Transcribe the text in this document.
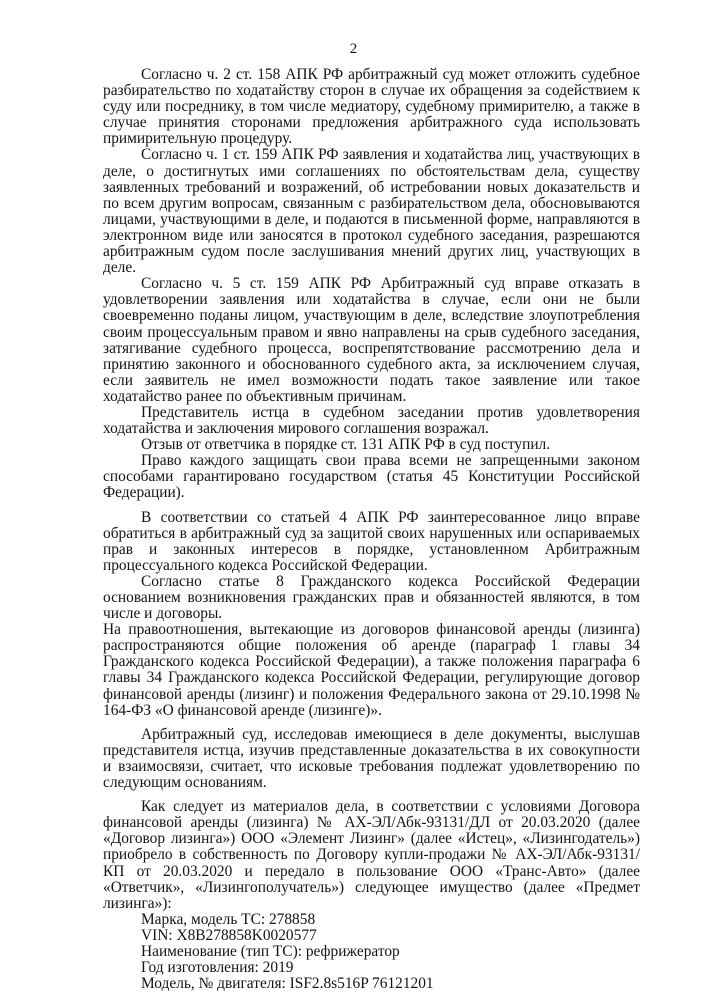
2

Согласно ч. 2 ст. 158 АПК РФ арбитражный суд может отложить судебное разбирательство по ходатайству сторон в случае их обращения за содействием к суду или посреднику, в том числе медиатору, судебному примирителю, а также в случае принятия сторонами предложения арбитражного суда использовать примирительную процедуру.

Согласно ч. 1 ст. 159 АПК РФ заявления и ходатайства лиц, участвующих в деле, о достигнутых ими соглашениях по обстоятельствам дела, существу заявленных требований и возражений, об истребовании новых доказательств и по всем другим вопросам, связанным с разбирательством дела, обосновываются лицами, участвующими в деле, и подаются в письменной форме, направляются в электронном виде или заносятся в протокол судебного заседания, разрешаются арбитражным судом после заслушивания мнений других лиц, участвующих в деле.

Согласно ч. 5 ст. 159 АПК РФ Арбитражный суд вправе отказать в удовлетворении заявления или ходатайства в случае, если они не были своевременно поданы лицом, участвующим в деле, вследствие злоупотребления своим процессуальным правом и явно направлены на срыв судебного заседания, затягивание судебного процесса, воспрепятствование рассмотрению дела и принятию законного и обоснованного судебного акта, за исключением случая, если заявитель не имел возможности подать такое заявление или такое ходатайство ранее по объективным причинам.

Представитель истца в судебном заседании против удовлетворения ходатайства и заключения мирового соглашения возражал.

Отзыв от ответчика в порядке ст. 131 АПК РФ в суд поступил.

Право каждого защищать свои права всеми не запрещенными законом способами гарантировано государством (статья 45 Конституции Российской Федерации).

В соответствии со статьей 4 АПК РФ заинтересованное лицо вправе обратиться в арбитражный суд за защитой своих нарушенных или оспариваемых прав и законных интересов в порядке, установленном Арбитражным процессуального кодекса Российской Федерации.

Согласно статье 8 Гражданского кодекса Российской Федерации основанием возникновения гражданских прав и обязанностей являются, в том числе и договоры.

На правоотношения, вытекающие из договоров финансовой аренды (лизинга) распространяются общие положения об аренде (параграф 1 главы 34 Гражданского кодекса Российской Федерации), а также положения параграфа 6 главы 34 Гражданского кодекса Российской Федерации, регулирующие договор финансовой аренды (лизинг) и положения Федерального закона от 29.10.1998 № 164-ФЗ «О финансовой аренде (лизинге)».

Арбитражный суд, исследовав имеющиеся в деле документы, выслушав представителя истца, изучив представленные доказательства в их совокупности и взаимосвязи, считает, что исковые требования подлежат удовлетворению по следующим основаниям.

Как следует из материалов дела, в соответствии с условиями Договора финансовой аренды (лизинга) № АХ-ЭЛ/Абк-93131/ДЛ от 20.03.2020 (далее «Договор лизинга») ООО «Элемент Лизинг» (далее «Истец», «Лизингодатель») приобрело в собственность по Договору купли-продажи № АХ-ЭЛ/Абк-93131/КП от 20.03.2020 и передало в пользование ООО «Транс-Авто» (далее «Ответчик», «Лизингополучатель») следующее имущество (далее «Предмет лизинга»):

Марка, модель ТС: 278858

VIN: X8B278858K0020577

Наименование (тип ТС): рефрижератор

Год изготовления: 2019

Модель, № двигателя: ISF2.8s516P 76121201
